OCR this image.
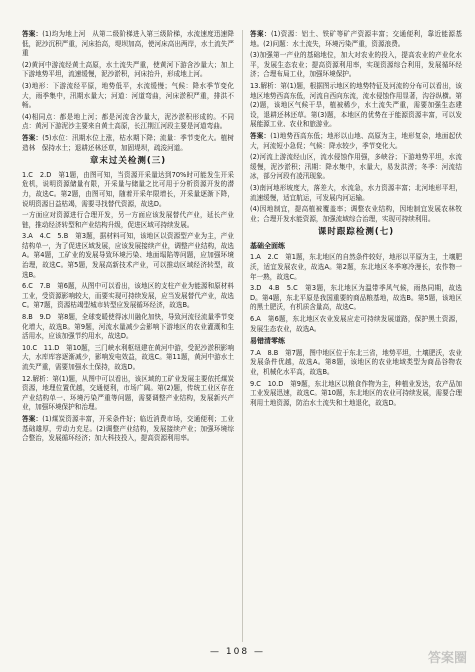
答案：(1)均为地上河　从第二级阶梯进入第三级阶梯，水流速度迅速降低，泥沙沉积严重，河床抬高，堤坝加高，使河床高出两岸，水土流失严重
(2)黄河中游流经黄土高原，水土流失严重，使黄河下游含沙量大；加上下游地势平坦，流速缓慢，泥沙淤积，河床抬升，形成地上河。
(3)地形：下游流经平原，地势低平，水流缓慢；气候：降水季节变化大，雨季集中，汛期水量大；河道：河道弯曲，河床淤积严重，排洪不畅。
(4)相同点：都是地上河；都是河流含沙量大，泥沙淤积形成的。不同点：黄河下游泥沙主要来自黄土高原，长江荆江河段主要是河道弯曲。
答案：(5)水位：汛期水位上涨，枯水期下降；流量：季节变化大。植树造林　保持水土；退耕还林还草，加固堤坝，疏浚河道。
章末过关检测(三)
1.C　2.D　第1题，由图可知，当资源开采量达到70%时可能发生开采危机，说明资源储量有限，开采量与储量之比可用于分析资源开发的潜力，故选C。第2题，由图可知，随着开采年限增长，开采量逐渐下降，说明资源日益枯竭，需要寻找替代资源，故选D。
一方面应对资源进行合理开发，另一方面应该发展替代产业，延长产业链，推动经济转型和产业结构升级，促进区域可持续发展。
3.A　4.C　5.B　第3题，据材料可知，该地区以资源型产业为主，产业结构单一，为了促进区域发展，应该发展接续产业，调整产业结构，故选A。第4题，工矿业的发展导致环境污染、地面塌陷等问题，应加强环境治理，故选C。第5题，发展高新技术产业，可以推动区域经济转型，故选B。
6.C　7.B　第6题，从图中可以看出，该地区的支柱产业为能源和原材料工业，受资源影响较大，而要实现可持续发展，应当发展替代产业，故选C。第7题，资源枯竭型城市转型应发展循环经济，故选B。
8.B　9.D　第8题，全球变暖使得冰川融化加快，导致河流径流量季节变化增大，故选B。第9题，河流水量减少会影响下游地区的农业灌溉和生活用水，应该加强节约用水，故选D。
10.C　11.D　第10题，三门峡水利枢纽建在黄河中游，受泥沙淤积影响大，水库库容逐渐减少，影响发电效益，故选C。第11题，黄河中游水土流失严重，需要加强水土保持，故选D。
12.解析：第(1)题，从图中可以看出，该区域的工矿业发展主要依托煤炭资源，地理位置优越，交通便利，市场广阔。第(2)题，传统工业区存在产业结构单一、环境污染严重等问题，需要调整产业结构，发展新兴产业，加强环境保护和治理。
答案：(1)煤炭资源丰富，开采条件好；临近消费市场，交通便利；工业基础雄厚，劳动力充足。(2)调整产业结构，发展接续产业；加强环境综合整治，发展循环经济；加大科技投入，提高资源利用率。
答案：(1)资源：铝土、铁矿等矿产资源丰富；交通便利，靠近能源基地。(2)问题：水土流失，环境污染严重，资源浪费。
(3)加强第一产业的基础地位，加大对农业的投入，提高农业的产业化水平，发展生态农业；提高资源利用率，实现资源综合利用，发展循环经济；合理布局工业，加强环境保护。
13.解析：第(1)题，根据图示地区的地势特征及河流的分布可以看出，该地区地势西高东低，河流自西向东流，流水侵蚀作用显著，沟谷纵横。第(2)题，该地区气候干旱，植被稀少，水土流失严重，需要加强生态建设，退耕还林还草。第(3)题，本地区的优势在于能源资源丰富，可以发展能源工业、农业和旅游业。
答案：(1)地势西高东低；地形以山地、高原为主，地形复杂，地面起伏大，河流短小急促；气候：降水较少，季节变化大。
(2)河流上游流经山区，流水侵蚀作用强，多峡谷；下游地势平坦，水流缓慢，泥沙淤积；汛期：降水集中，水量大，易发洪涝；冬季：河流结冰，部分河段有凌汛现象。
(3)南河地形坡度大，落差大，水流急，水力资源丰富；北河地形平坦，流速缓慢，适宜航运，可发展内河运输。
(4)因地制宜，提高植被覆盖率；调整农业结构，因地制宜发展农林牧业；合理开发水能资源，加强流域综合治理，实现可持续利用。
课时跟踪检测(七)
基础全面练
1.A　2.C　第1题，东北地区的自然条件较好，地形以平原为主，土壤肥沃，适宜发展农业，故选A。第2题，东北地区冬季寒冷漫长，农作物一年一熟，故选C。
3.D　4.B　5.C　第3题，东北地区为温带季风气候，雨热同期，故选D。第4题，东北平原是我国重要的商品粮基地，故选B。第5题，该地区的黑土肥沃，有机质含量高，故选C。
6.A　第6题，东北地区农业发展应走可持续发展道路，保护黑土资源，发展生态农业，故选A。
易错清零练
7.A　8.B　第7题，图中地区位于东北三省，地势平坦，土壤肥沃，农业发展条件优越，故选A。第8题，该地区的农业地域类型为商品谷物农业，机械化水平高，故选B。
9.C　10.D　第9题，东北地区以粮食作物为主，种植业发达，农产品加工业发展迅速，故选C。第10题，东北地区的农业可持续发展，需要合理利用土地资源，防治水土流失和土地退化，故选D。
— 108 —	答案圈
